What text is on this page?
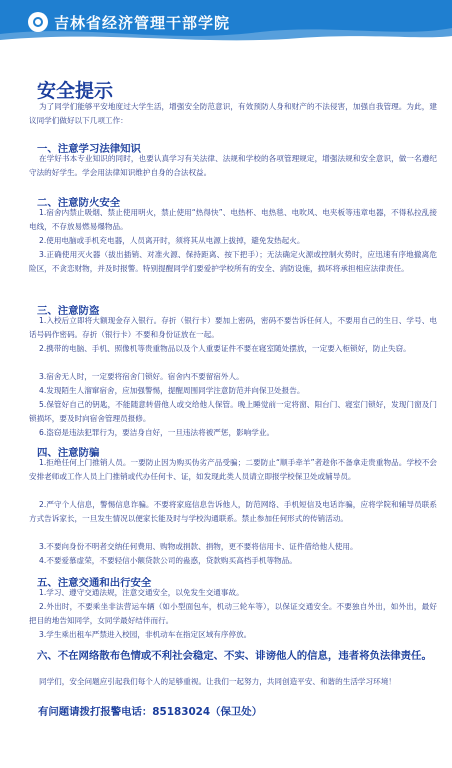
吉林省经济管理干部学院
安全提示

为了同学们能够平安地度过大学生活，增强安全防范意识，有效预防人身和财产的不法侵害，加强自我管理。为此，建议同学们做好以下几项工作：

一、注意学习法律知识

在学好书本专业知识的同时，也要认真学习有关法律、法规和学校的各项管理规定，增强法规和安全意识，做一名遵纪守法的好学生。学会用法律知识维护自身的合法权益。

二、注意防火安全

1.宿舍内禁止吸烟、禁止使用明火，禁止使用“热得快”、电热杯、电热毯、电吹风、电夹板等违章电器，不得私拉乱接电线，不存放易燃易爆物品。

2.使用电脑或手机充电器，人员离开时，须将其从电源上拔掉，避免发热起火。

3.正确使用灭火器（拔出插销、对准火源、保持距离、按下把手）；无法确定火源或控制火势时，应迅速有序地撤离危险区，不贪恋财物，并及时报警。特别提醒同学们要爱护学校所有的安全、消防设施，损坏将承担相应法律责任。

三、注意防盗

1.入校后立即将大额现金存入银行。存折（银行卡）要加上密码，密码不要告诉任何人，不要用自己的生日、学号、电话号码作密码。存折（银行卡）不要和身份证放在一起。

2.携带的电脑、手机、照像机等贵重物品以及个人重要证件不要在寝室随处摆放，一定要入柜锁好，防止失窃。

3.宿舍无人时，一定要将宿舍门锁好。宿舍内不要留宿外人。

4.发现陌生人溜窜宿舍，应加强警惕，提醒周围同学注意防范并向保卫处报告。

5.保管好自己的钥匙，不能随意转借他人或交给他人保管。晚上睡觉前一定将窗、阳台门、寝室门锁好，发现门窗及门锁损坏，要及时向宿舍管理员报修。

6.盗窃是违法犯罪行为，要洁身自好，一旦违法将被严惩，影响学业。

四、注意防骗

1.拒绝任何上门推销人员。一要防止因为购买伪劣产品受骗；二要防止“顺手牵羊”者趁你不备拿走贵重物品。学校不会安排老师或工作人员上门推销或代办任何卡、证，如发现此类人员请立即报学校保卫处或辅导员。

2.严守个人信息，警惕信息诈骗。不要将家庭信息告诉他人，防范网络、手机短信及电话诈骗，应将学院和辅导员联系方式告诉家长，一旦发生情况以便家长能及时与学校沟通联系。禁止参加任何形式的传销活动。

3.不要向身份不明者交纳任何费用、购物或捐款、捐物，更不要将信用卡、证件借给他人使用。

4.不要爱慕虚荣，不要轻信小额贷款公司的蛊惑，贷款购买高档手机等物品。

五、注意交通和出行安全

1.学习、遵守交通法规，注意交通安全，以免发生交通事故。

2.外出时，不要乘坐非法营运车辆（如小型面包车，机动三轮车等），以保证交通安全。不要独自外出，如外出，最好把目的地告知同学，女同学最好结伴而行。

3.学生乘出租车严禁进入校园，非机动车在指定区域有序停放。

六、不在网络散布色情或不利社会稳定、不实、诽谤他人的信息，违者将负法律责任。

同学们，安全问题应引起我们每个人的足够重视。让我们一起努力，共同创造平安、和谐的生活学习环境！

有问题请拨打报警电话：85183024（保卫处）
